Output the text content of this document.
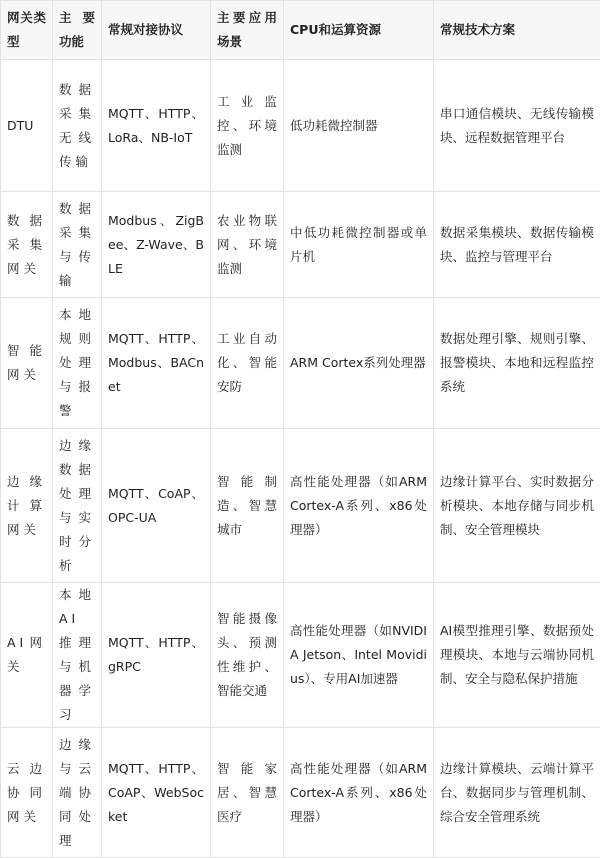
网关类型	主要功能	常规对接协议	主要应用场景	CPU和运算资源	常规技术方案
DTU	数据采集无线传输	MQTT、HTTP、LoRa、NB-IoT	工业监控、环境监测	低功耗微控制器	串口通信模块、无线传输模块、远程数据管理平台
数据采集网关	数据采集与传输	Modbus、ZigBee、Z-Wave、BLE	农业物联网、环境监测	中低功耗微控制器或单片机	数据采集模块、数据传输模块、监控与管理平台
智能网关	本地规则处理与报警	MQTT、HTTP、Modbus、BACnet	工业自动化、智能安防	ARM Cortex系列处理器	数据处理引擎、规则引擎、报警模块、本地和远程监控系统
边缘计算网关	边缘数据处理与实时分析	MQTT、CoAP、OPC-UA	智能制造、智慧城市	高性能处理器（如ARM Cortex-A系列、x86处理器）	边缘计算平台、实时数据分析模块、本地存储与同步机制、安全管理模块
AI网关	本地AI推理与机器学习	MQTT、HTTP、gRPC	智能摄像头、预测性维护、智能交通	高性能处理器（如NVIDIA Jetson、Intel Movidius）、专用AI加速器	AI模型推理引擎、数据预处理模块、本地与云端协同机制、安全与隐私保护措施
云边协同网关	边缘与云端协同处理	MQTT、HTTP、CoAP、WebSocket	智能家居、智慧医疗	高性能处理器（如ARM Cortex-A系列、x86处理器）	边缘计算模块、云端计算平台、数据同步与管理机制、综合安全管理系统
